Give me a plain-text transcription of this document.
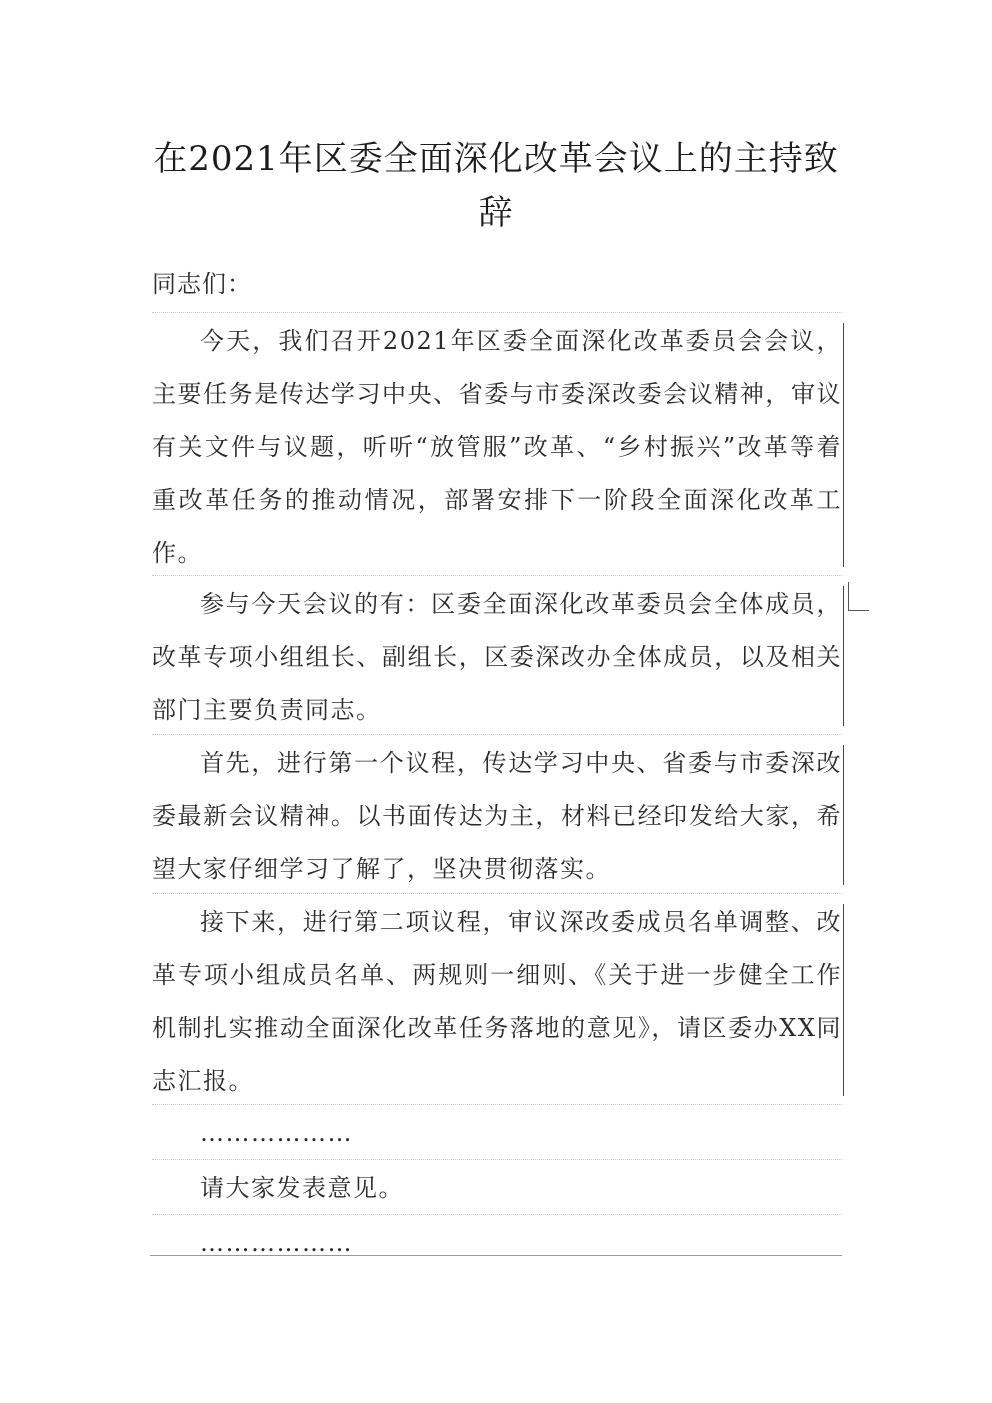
在2021年区委全面深化改革会议上的主持致辞
同志们：
今天，我们召开2021年区委全面深化改革委员会会议，主要任务是传达学习中央、省委与市委深改委会议精神，审议有关文件与议题，听听“放管服”改革、“乡村振兴”改革等着重改革任务的推动情况，部署安排下一阶段全面深化改革工作。
参与今天会议的有：区委全面深化改革委员会全体成员，改革专项小组组长、副组长，区委深改办全体成员，以及相关部门主要负责同志。
首先，进行第一个议程，传达学习中央、省委与市委深改委最新会议精神。以书面传达为主，材料已经印发给大家，希望大家仔细学习了解了，坚决贯彻落实。
接下来，进行第二项议程，审议深改委成员名单调整、改革专项小组成员名单、两规则一细则、《关于进一步健全工作机制扎实推动全面深化改革任务落地的意见》，请区委办XX同志汇报。
………………
请大家发表意见。
………………
